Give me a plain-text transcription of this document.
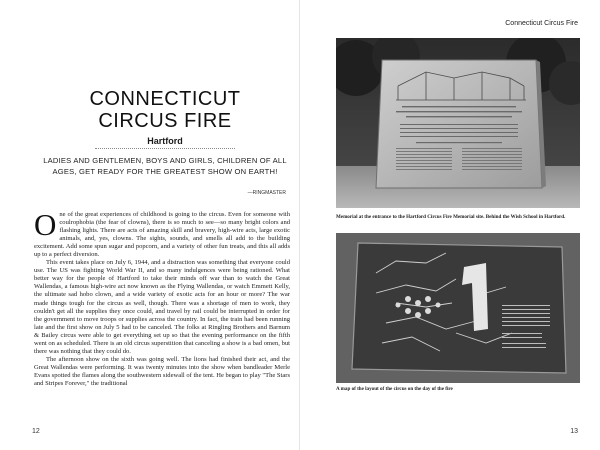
CONNECTICUT
CIRCUS FIRE
Hartford
LADIES AND GENTLEMEN, BOYS AND GIRLS, CHILDREN OF ALL AGES, GET READY FOR THE GREATEST SHOW ON EARTH!
—RINGMASTER

One of the great experiences of childhood is going to the circus. Even for someone with coulrophobia (the fear of clowns), there is so much to see—so many bright colors and flashing lights. There are acts of amazing skill and bravery, high-wire acts, large exotic animals, and, yes, clowns. The sights, sounds, and smells all add to the building excitement. Add some spun sugar and popcorn, and a variety of other fun treats, and this all adds up to a perfect diversion.

This event takes place on July 6, 1944, and a distraction was something that everyone could use. The US was fighting World War II, and so many indulgences were being rationed. What better way for the people of Hartford to take their minds off war than to watch the Great Wallendas, a famous high-wire act now known as the Flying Wallendas, or watch Emmett Kelly, the ultimate sad hobo clown, and a wide variety of exotic acts for an hour or more? The war made things tough for the circus as well, though. There was a shortage of men to work, they couldn't get all the supplies they once could, and travel by rail could be interrupted in order for the government to move troops or supplies across the country. In fact, the train had been running late and the first show on July 5 had to be canceled. The folks at Ringling Brothers and Barnum & Bailey circus were able to get everything set up so that the evening performance on the fifth went on as scheduled. There is an old circus superstition that canceling a show is a bad omen, but there was nothing that they could do.

The afternoon show on the sixth was going well. The lions had finished their act, and the Great Wallendas were performing. It was twenty minutes into the show when bandleader Merle Evans spotted the flames along the southwestern sidewall of the tent. He began to play "The Stars and Stripes Forever," the traditional

12
Connecticut Circus Fire
Memorial at the entrance to the Hartford Circus Fire Memorial site. Behind the Wish School in Hartford.
A map of the layout of the circus on the day of the fire
13
